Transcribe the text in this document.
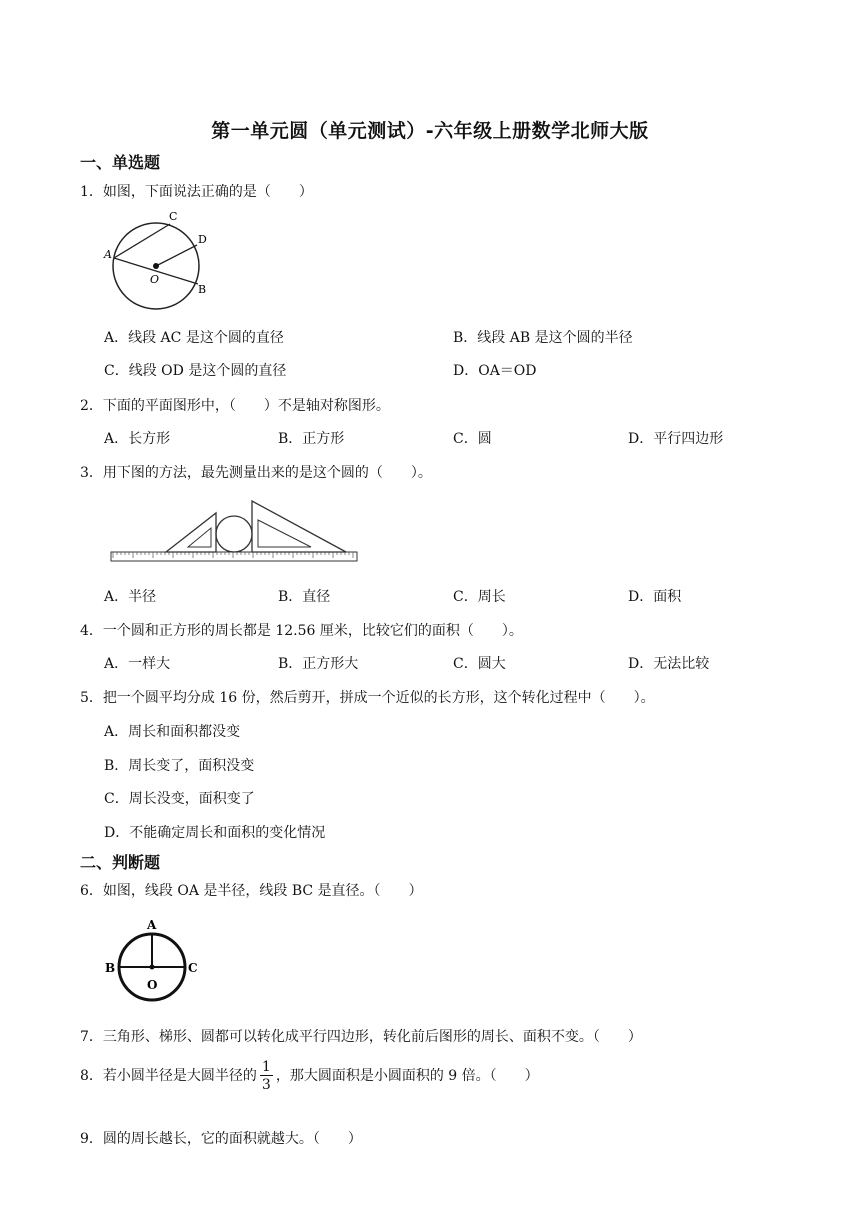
第一单元圆（单元测试）-六年级上册数学北师大版
一、单选题
1．如图，下面说法正确的是（　　）
C
D
A
O
B
A．线段 AC 是这个圆的直径	B．线段 AB 是这个圆的半径
C．线段 OD 是这个圆的直径	D．OA＝OD
2．下面的平面图形中，（　　）不是轴对称图形。
A．长方形	B．正方形	C．圆	D．平行四边形
3．用下图的方法，最先测量出来的是这个圆的（　　）。
A．半径	B．直径	C．周长	D．面积
4．一个圆和正方形的周长都是 12.56 厘米，比较它们的面积（　　）。
A．一样大	B．正方形大	C．圆大	D．无法比较
5．把一个圆平均分成 16 份，然后剪开，拼成一个近似的长方形，这个转化过程中（　　）。
A．周长和面积都没变
B．周长变了，面积没变
C．周长没变，面积变了
D．不能确定周长和面积的变化情况
二、判断题
6．如图，线段 OA 是半径，线段 BC 是直径。（　　）
A
B	C
O
7．三角形、梯形、圆都可以转化成平行四边形，转化前后图形的周长、面积不变。（　　）
8．若小圆半径是大圆半径的 $\frac{1}{3}$ ，那大圆面积是小圆面积的 9 倍。（　　）
9．圆的周长越长，它的面积就越大。（　　）
